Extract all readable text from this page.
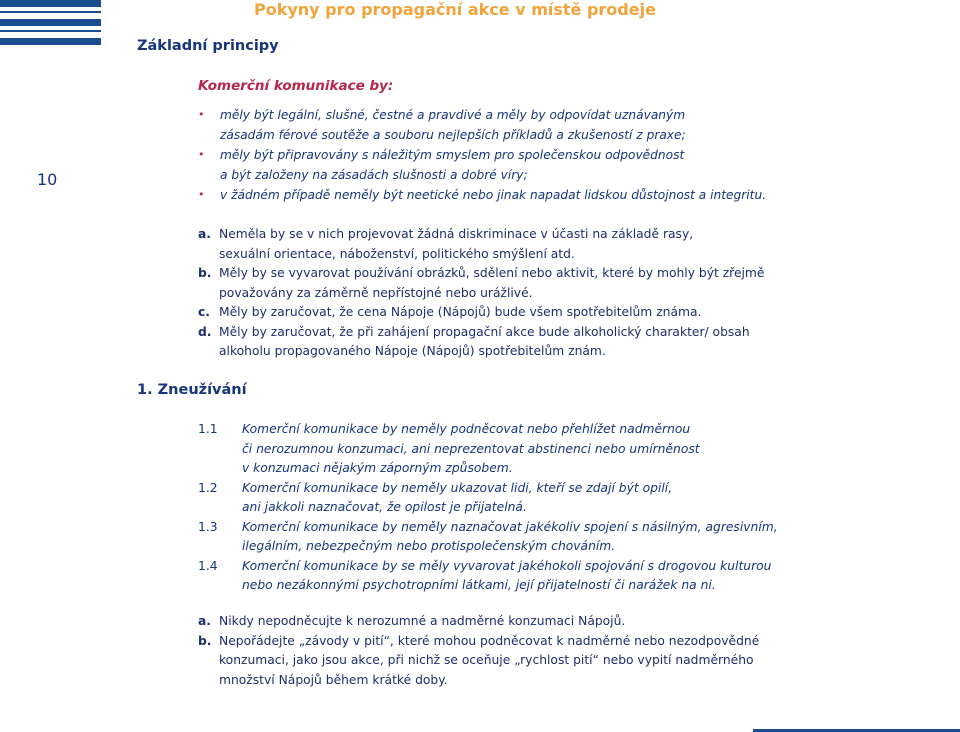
Pokyny pro propagační akce v místě prodeje
Základní principy
10
1. Zneužívání
Komerční komunikace by:
• měly být legální, slušné, čestné a pravdivé a měly by odpovídat uznávaným
zásadám férové soutěže a souboru nejlepších příkladů a zkušeností z praxe;
• měly být připravovány s náležitým smyslem pro společenskou odpovědnost
a být založeny na zásadách slušnosti a dobré víry;
• v žádném případě neměly být neetické nebo jinak napadat lidskou důstojnost a integritu.
a. Neměla by se v nich projevovat žádná diskriminace v účasti na základě rasy,
sexuální orientace, náboženství, politického smýšlení atd.
b. Měly by se vyvarovat používání obrázků, sdělení nebo aktivit, které by mohly být zřejmě
považovány za záměrně nepřístojné nebo urážlivé.
c. Měly by zaručovat, že cena Nápoje (Nápojů) bude všem spotřebitelům známa.
d. Měly by zaručovat, že při zahájení propagační akce bude alkoholický charakter/ obsah
alkoholu propagovaného Nápoje (Nápojů) spotřebitelům znám.
1.1 Komerční komunikace by neměly podněcovat nebo přehlížet nadměrnou
či nerozumnou konzumaci, ani neprezentovat abstinenci nebo umírněnost
v konzumaci nějakým záporným způsobem.
1.2 Komerční komunikace by neměly ukazovat lidi, kteří se zdají být opilí,
ani jakkoli naznačovat, že opilost je přijatelná.
1.3 Komerční komunikace by neměly naznačovat jakékoliv spojení s násilným, agresivním,
ilegálním, nebezpečným nebo protispolečenským chováním.
1.4 Komerční komunikace by se měly vyvarovat jakéhokoli spojování s drogovou kulturou
nebo nezákonnými psychotropními látkami, její přijatelností či narážek na ni.
a. Nikdy nepodněcujte k nerozumné a nadměrné konzumaci Nápojů.
b. Nepořádejte „závody v pití“, které mohou podněcovat k nadměrné nebo nezodpovědné
konzumaci, jako jsou akce, při nichž se oceňuje „rychlost pití“ nebo vypití nadměrného
množství Nápojů během krátké doby.
